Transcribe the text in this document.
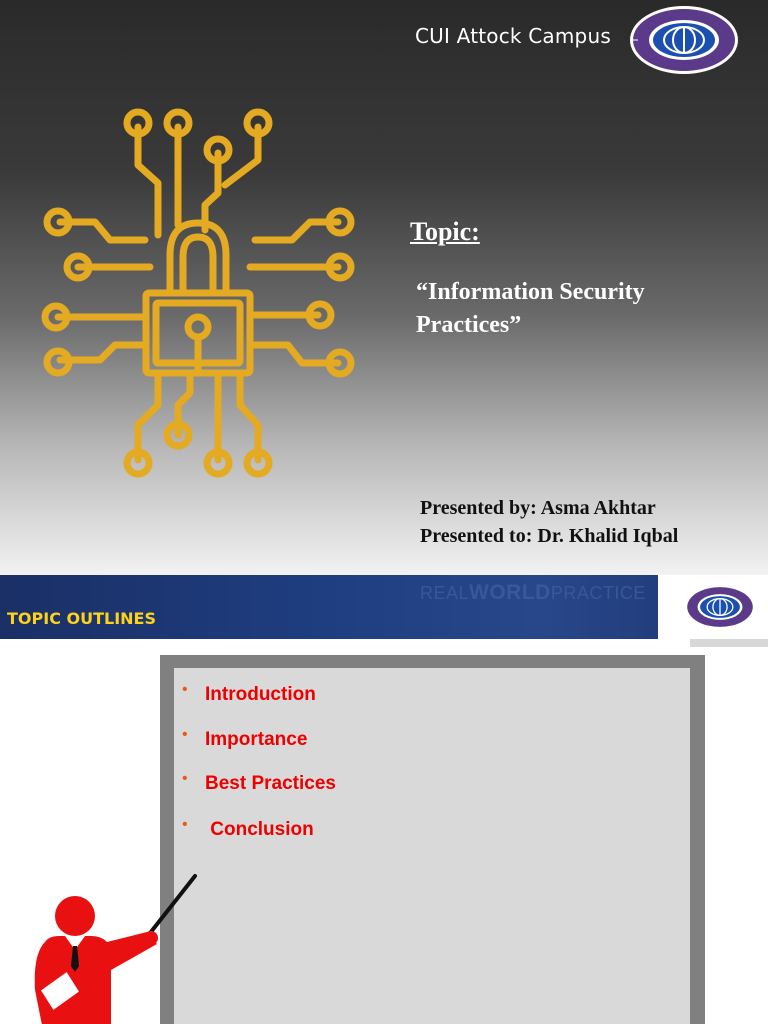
CUI Attock Campus
Topic:
“Information Security
Practices”
Presented by: Asma Akhtar
Presented to: Dr. Khalid Iqbal
REALWORLDPRACTICE
TOPIC OUTLINES
• Introduction
• Importance
• Best Practices
• Conclusion
